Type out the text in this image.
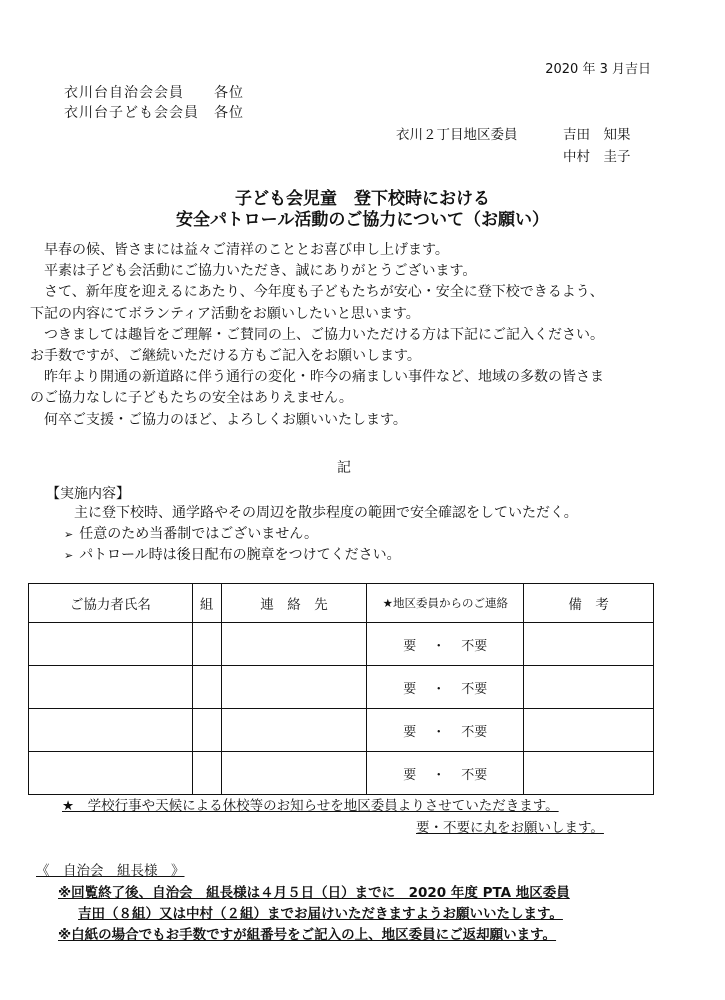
2020 年 3 月吉日
衣川台自治会会員　　各位
衣川台子ども会会員　各位
衣川２丁目地区委員	吉田　知果
中村　圭子
子ども会児童　登下校時における
安全パトロール活動のご協力について（お願い）

　早春の候、皆さまには益々ご清祥のこととお喜び申し上げます。

　平素は子ども会活動にご協力いただき、誠にありがとうございます。

　さて、新年度を迎えるにあたり、今年度も子どもたちが安心・安全に登下校できるよう、

下記の内容にてボランティア活動をお願いしたいと思います。

　つきましては趣旨をご理解・ご賛同の上、ご協力いただける方は下記にご記入ください。

お手数ですが、ご継続いただける方もご記入をお願いします。

　昨年より開通の新道路に伴う通行の変化・昨今の痛ましい事件など、地域の多数の皆さま

のご協力なしに子どもたちの安全はありえません。

　何卒ご支援・ご協力のほど、よろしくお願いいたします。

記
【実施内容】
主に登下校時、通学路やその周辺を散歩程度の範囲で安全確認をしていただく。
➢ 任意のため当番制ではございません。
➢ パトロール時は後日配布の腕章をつけてください。
ご協力者氏名	組	連　絡　先	★地区委員からのご連絡	備　考
			要 ・ 不要	
			要 ・ 不要	
			要 ・ 不要	
			要 ・ 不要	
★　学校行事や天候による休校等のお知らせを地区委員よりさせていただきます。
要・不要に丸をお願いします。
《　自治会　組長様　》
※回覧終了後、自治会　組長様は４月５日（日）までに　2020 年度 PTA 地区委員
吉田（８組）又は中村（２組）までお届けいただきますようお願いいたします。
※白紙の場合でもお手数ですが組番号をご記入の上、地区委員にご返却願います。
